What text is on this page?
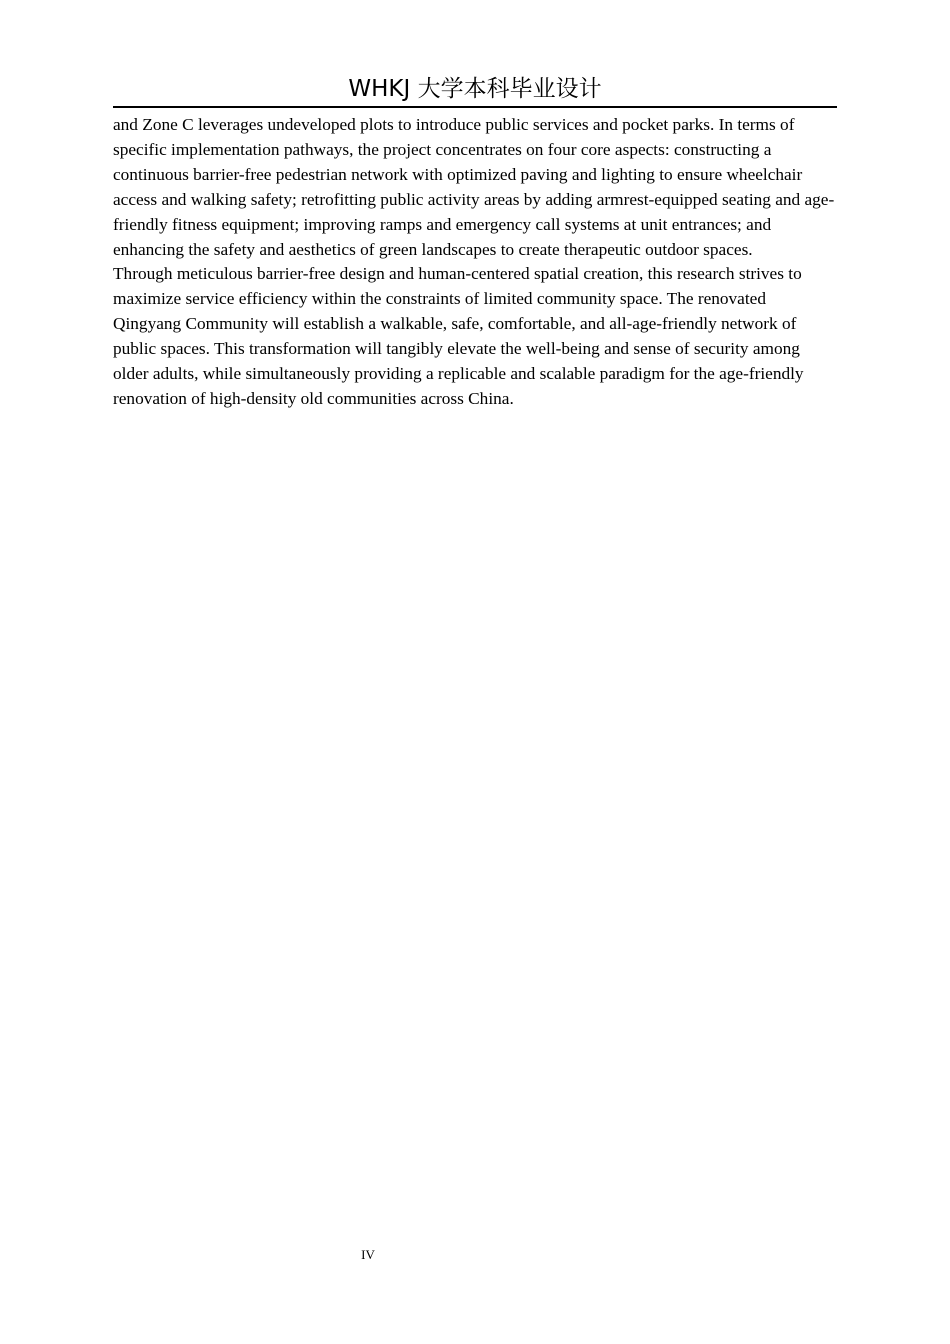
WHKJ 大学本科毕业设计

and Zone C leverages undeveloped plots to introduce public services and pocket parks. In terms of specific implementation pathways, the project concentrates on four core aspects: constructing a continuous barrier-free pedestrian network with optimized paving and lighting to ensure wheelchair access and walking safety; retrofitting public activity areas by adding armrest-equipped seating and age-friendly fitness equipment; improving ramps and emergency call systems at unit entrances; and enhancing the safety and aesthetics of green landscapes to create therapeutic outdoor spaces.

Through meticulous barrier-free design and human-centered spatial creation, this research strives to maximize service efficiency within the constraints of limited community space. The renovated Qingyang Community will establish a walkable, safe, comfortable, and all-age-friendly network of public spaces. This transformation will tangibly elevate the well-being and sense of security among older adults, while simultaneously providing a replicable and scalable paradigm for the age-friendly renovation of high-density old communities across China.

IV
